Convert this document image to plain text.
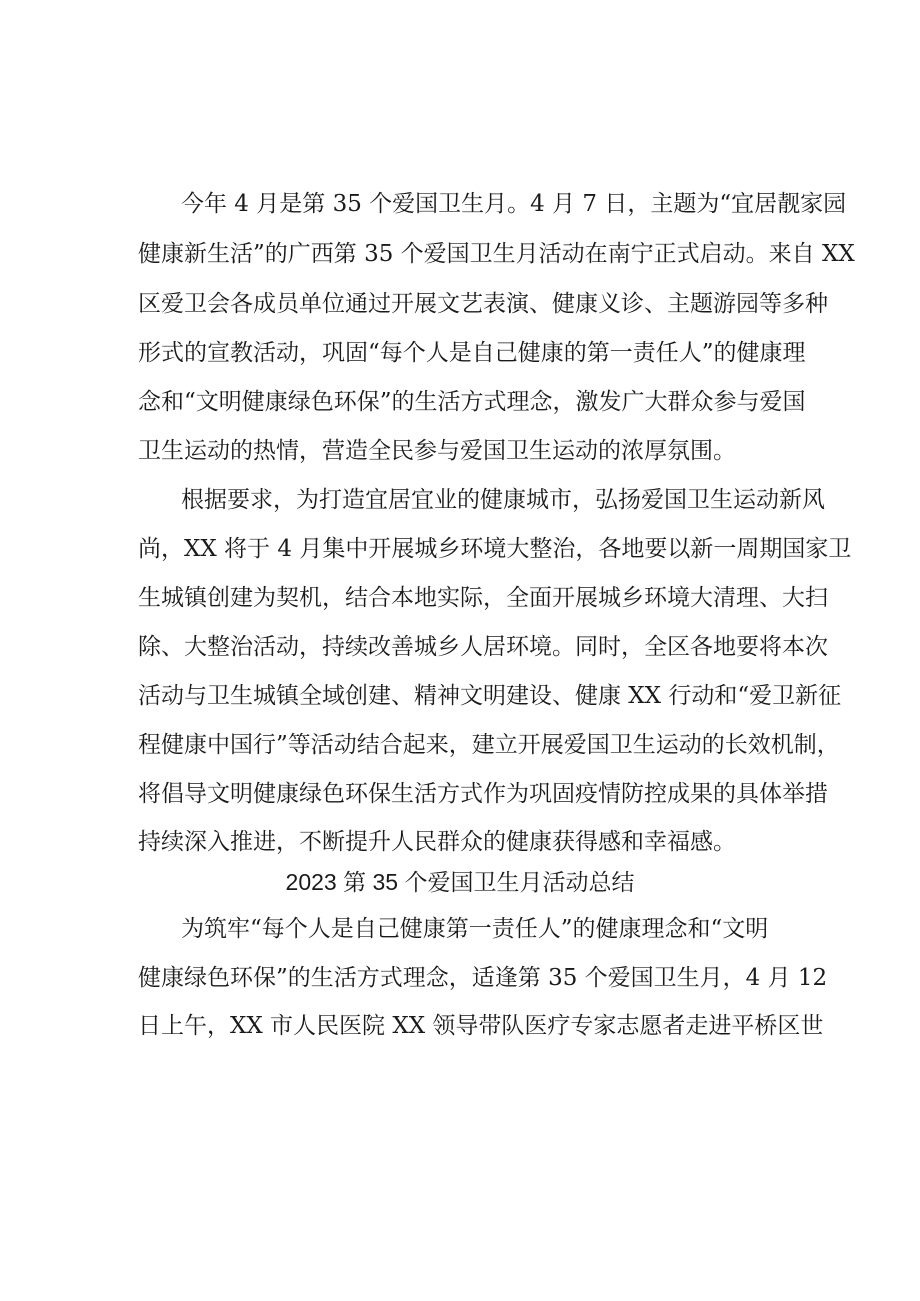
今年 4 月是第 35 个爱国卫生月。4 月 7 日，主题为“宜居靓家园
健康新生活”的广西第 35 个爱国卫生月活动在南宁正式启动。来自 XX
区爱卫会各成员单位通过开展文艺表演、健康义诊、主题游园等多种
形式的宣教活动，巩固“每个人是自己健康的第一责任人”的健康理
念和“文明健康绿色环保”的生活方式理念，激发广大群众参与爱国
卫生运动的热情，营造全民参与爱国卫生运动的浓厚氛围。
根据要求，为打造宜居宜业的健康城市，弘扬爱国卫生运动新风
尚，XX 将于 4 月集中开展城乡环境大整治，各地要以新一周期国家卫
生城镇创建为契机，结合本地实际，全面开展城乡环境大清理、大扫
除、大整治活动，持续改善城乡人居环境。同时，全区各地要将本次
活动与卫生城镇全域创建、精神文明建设、健康 XX 行动和“爱卫新征
程健康中国行”等活动结合起来，建立开展爱国卫生运动的长效机制，
将倡导文明健康绿色环保生活方式作为巩固疫情防控成果的具体举措
持续深入推进，不断提升人民群众的健康获得感和幸福感。
2023 第 35 个爱国卫生月活动总结
为筑牢“每个人是自己健康第一责任人”的健康理念和“文明
健康绿色环保”的生活方式理念，适逢第 35 个爱国卫生月，4 月 12
日上午，XX 市人民医院 XX 领导带队医疗专家志愿者走进平桥区世
